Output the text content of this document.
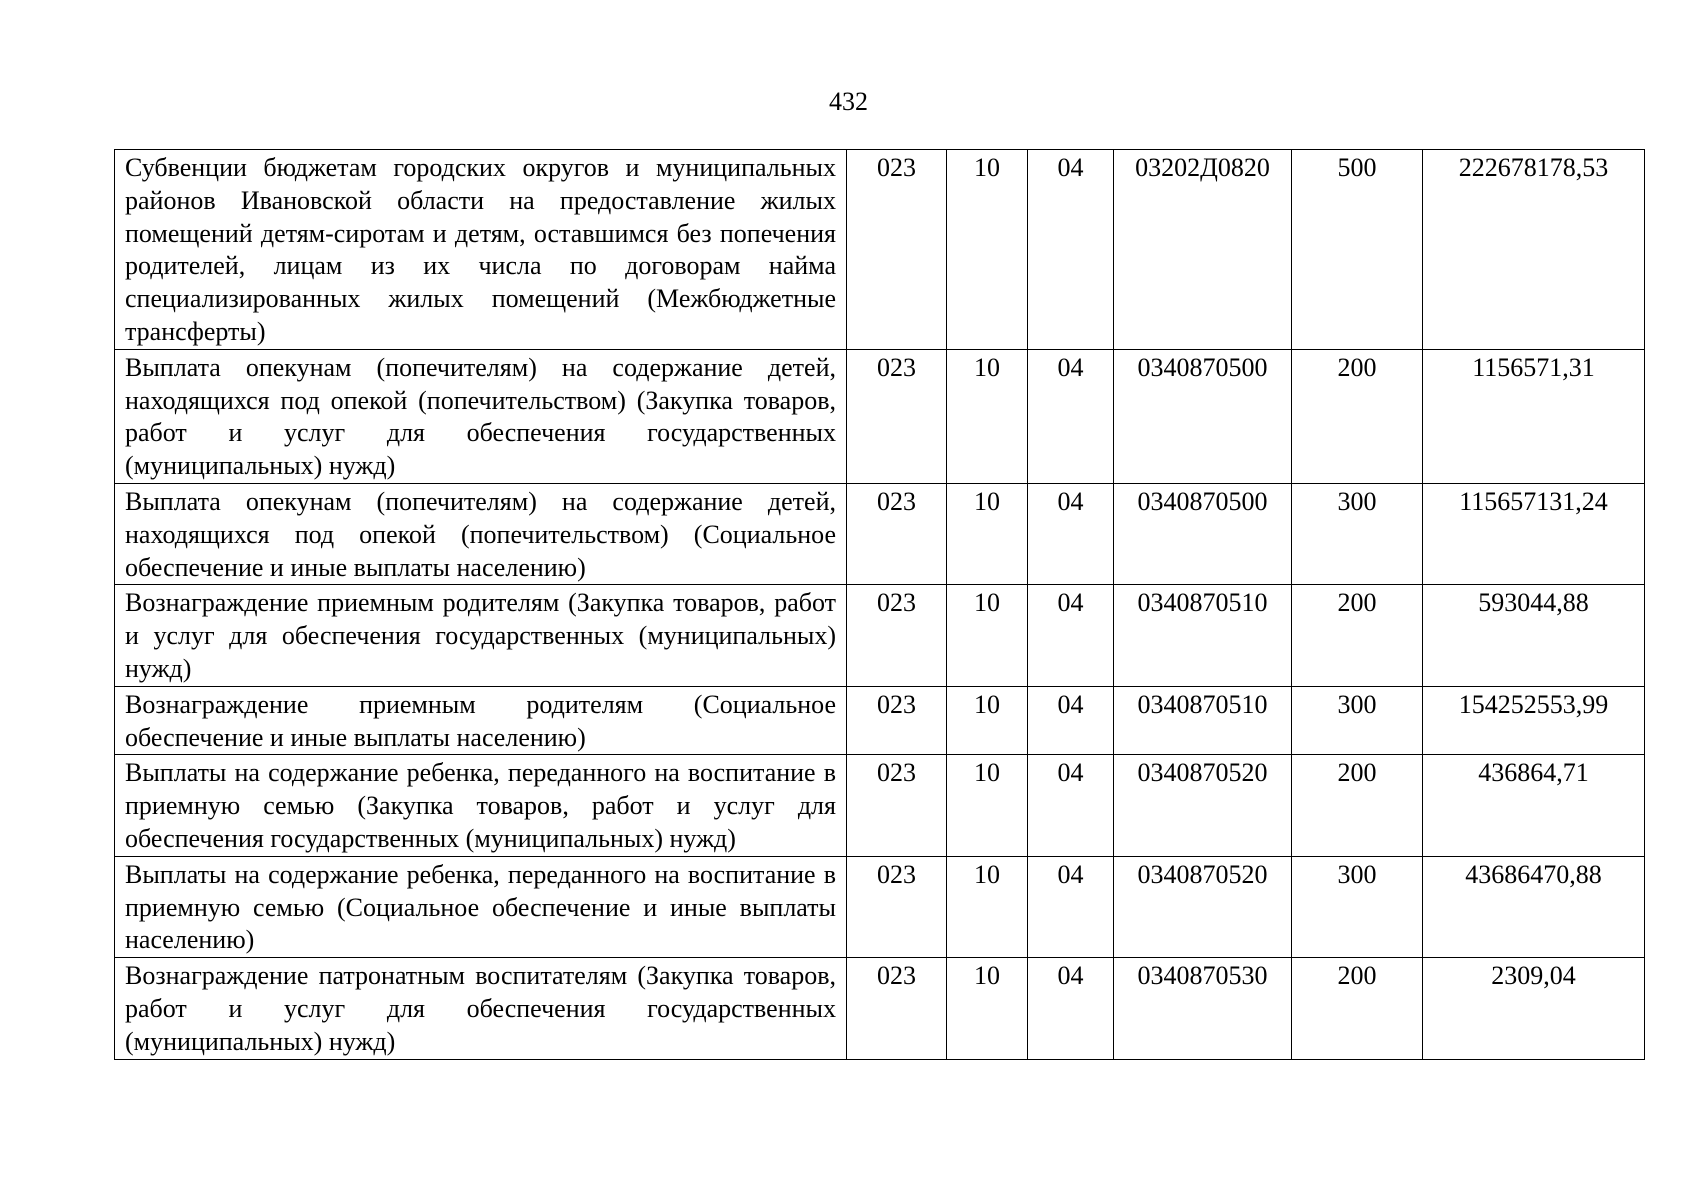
432
Субвенции бюджетам городских округов и муниципальных районов Ивановской области на предоставление жилых помещений детям-сиротам и детям, оставшимся без попечения родителей, лицам из их числа по договорам найма специализированных жилых помещений (Межбюджетные трансферты)	023	10	04	03202Д0820	500	222678178,53
Выплата опекунам (попечителям) на содержание детей, находящихся под опекой (попечительством) (Закупка товаров, работ и услуг для обеспечения государственных (муниципальных) нужд)	023	10	04	0340870500	200	1156571,31
Выплата опекунам (попечителям) на содержание детей, находящихся под опекой (попечительством) (Социальное обеспечение и иные выплаты населению)	023	10	04	0340870500	300	115657131,24
Вознаграждение приемным родителям (Закупка товаров, работ и услуг для обеспечения государственных (муниципальных) нужд)	023	10	04	0340870510	200	593044,88
Вознаграждение приемным родителям (Социальное обеспечение и иные выплаты населению)	023	10	04	0340870510	300	154252553,99
Выплаты на содержание ребенка, переданного на воспитание в приемную семью (Закупка товаров, работ и услуг для обеспечения государственных (муниципальных) нужд)	023	10	04	0340870520	200	436864,71
Выплаты на содержание ребенка, переданного на воспитание в приемную семью (Социальное обеспечение и иные выплаты населению)	023	10	04	0340870520	300	43686470,88
Вознаграждение патронатным воспитателям (Закупка товаров, работ и услуг для обеспечения государственных (муниципальных) нужд)	023	10	04	0340870530	200	2309,04
